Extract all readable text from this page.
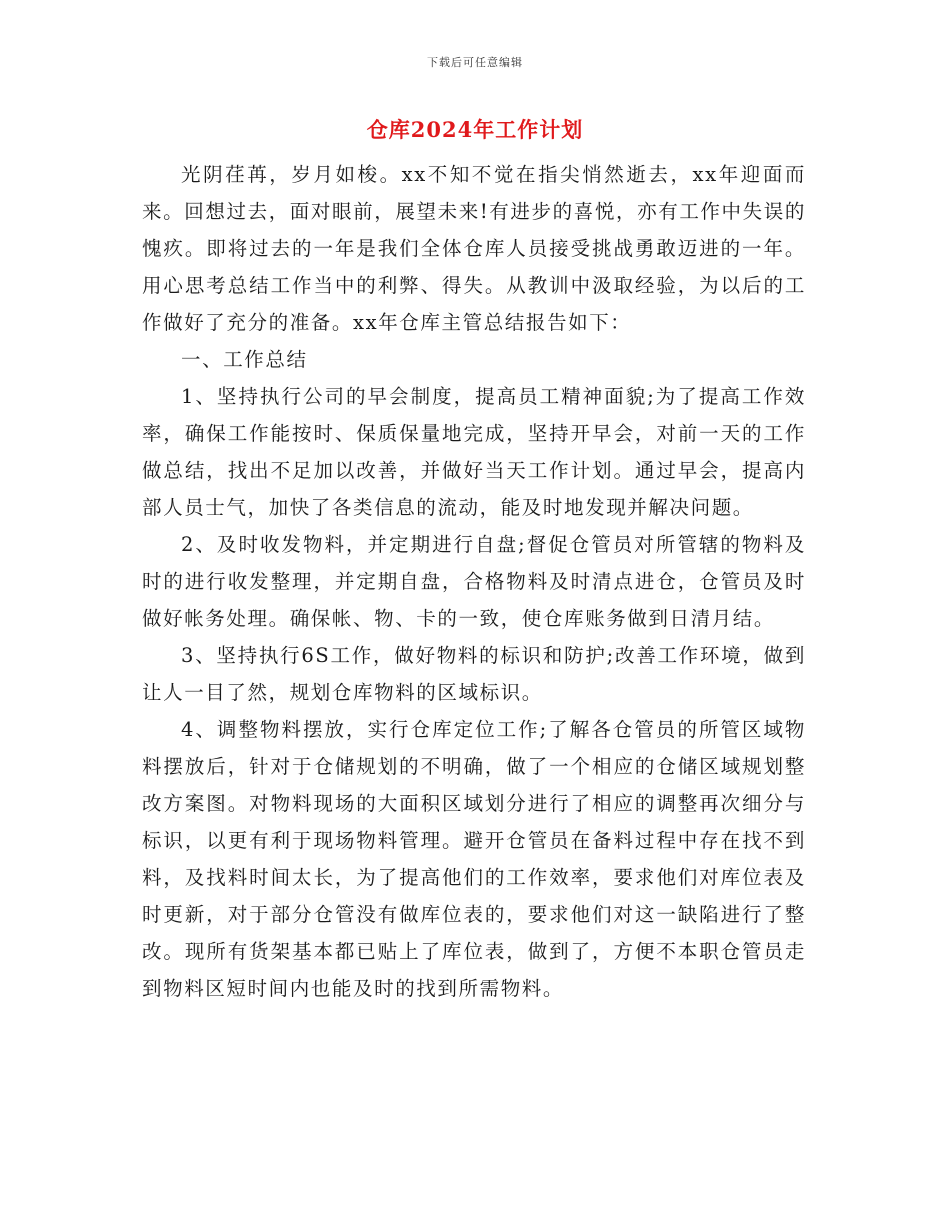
下载后可任意编辑
仓库2024年工作计划

光阴荏苒，岁月如梭。xx不知不觉在指尖悄然逝去，xx年迎面而来。回想过去，面对眼前，展望未来!有进步的喜悦，亦有工作中失误的愧疚。即将过去的一年是我们全体仓库人员接受挑战勇敢迈进的一年。用心思考总结工作当中的利弊、得失。从教训中汲取经验，为以后的工作做好了充分的准备。xx年仓库主管总结报告如下：

一、工作总结

1、坚持执行公司的早会制度，提高员工精神面貌;为了提高工作效率，确保工作能按时、保质保量地完成，坚持开早会，对前一天的工作做总结，找出不足加以改善，并做好当天工作计划。通过早会，提高内部人员士气，加快了各类信息的流动，能及时地发现并解决问题。

2、及时收发物料，并定期进行自盘;督促仓管员对所管辖的物料及时的进行收发整理，并定期自盘，合格物料及时清点进仓，仓管员及时做好帐务处理。确保帐、物、卡的一致，使仓库账务做到日清月结。

3、坚持执行6S工作，做好物料的标识和防护;改善工作环境，做到让人一目了然，规划仓库物料的区域标识。

4、调整物料摆放，实行仓库定位工作;了解各仓管员的所管区域物料摆放后，针对于仓储规划的不明确，做了一个相应的仓储区域规划整改方案图。对物料现场的大面积区域划分进行了相应的调整再次细分与标识，以更有利于现场物料管理。避开仓管员在备料过程中存在找不到料，及找料时间太长，为了提高他们的工作效率，要求他们对库位表及时更新，对于部分仓管没有做库位表的，要求他们对这一缺陷进行了整改。现所有货架基本都已贴上了库位表，做到了，方便不本职仓管员走到物料区短时间内也能及时的找到所需物料。
